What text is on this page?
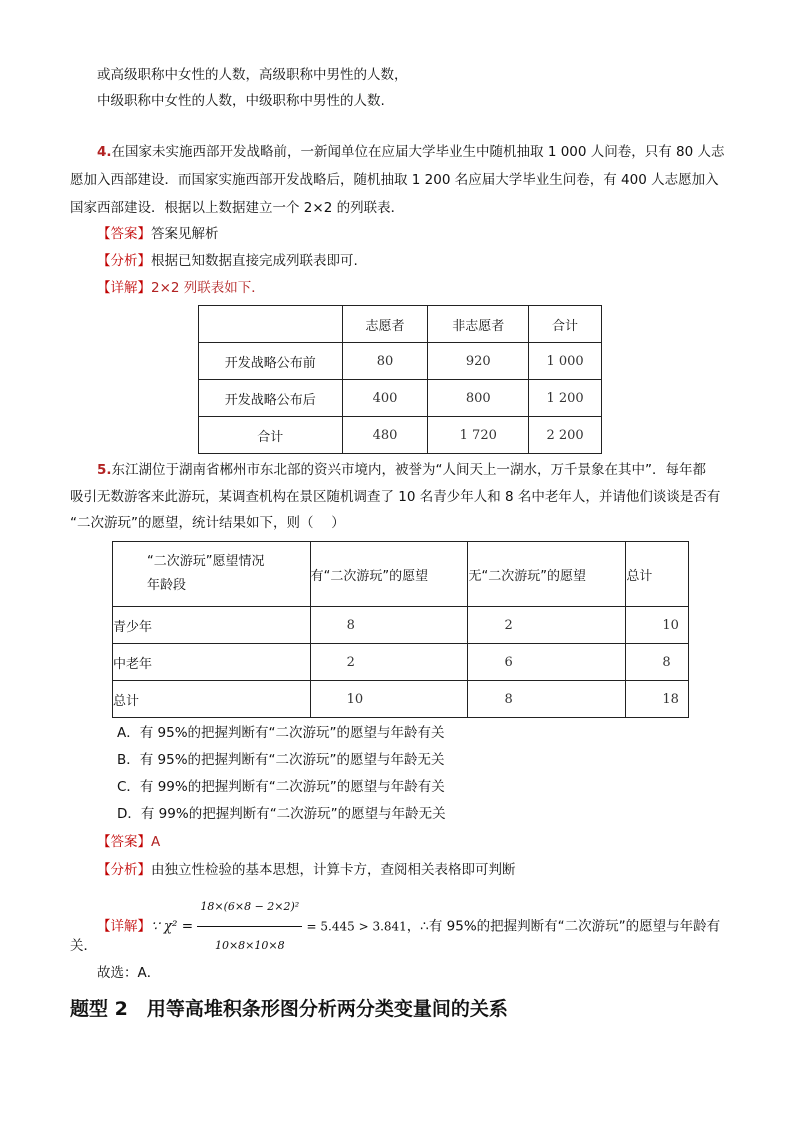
或高级职称中女性的人数，高级职称中男性的人数，
中级职称中女性的人数，中级职称中男性的人数.
4.在国家未实施西部开发战略前，一新闻单位在应届大学毕业生中随机抽取 1 000 人问卷，只有 80 人志
愿加入西部建设．而国家实施西部开发战略后，随机抽取 1 200 名应届大学毕业生问卷，有 400 人志愿加入
国家西部建设．根据以上数据建立一个 2×2 的列联表．
【答案】答案见解析
【分析】根据已知数据直接完成列联表即可.
【详解】2×2 列联表如下．
	志愿者	非志愿者	合计
开发战略公布前	80	920	1 000
开发战略公布后	400	800	1 200
合计	480	1 720	2 200
5.东江湖位于湖南省郴州市东北部的资兴市境内，被誉为“人间天上一湖水，万千景象在其中”．每年都
吸引无数游客来此游玩，某调查机构在景区随机调查了 10 名青少年人和 8 名中老年人，并请他们谈谈是否有
“二次游玩”的愿望，统计结果如下，则（　 ）
“二次游玩”愿望情况
年龄段	有“二次游玩”的愿望	无“二次游玩”的愿望	总计
青少年	8	2	10
中老年	2	6	8
总计	10	8	18
A．有 95%的把握判断有“二次游玩”的愿望与年龄有关
B．有 95%的把握判断有“二次游玩”的愿望与年龄无关
C．有 99%的把握判断有“二次游玩”的愿望与年龄有关
D．有 99%的把握判断有“二次游玩”的愿望与年龄无关
【答案】A
【分析】由独立性检验的基本思想，计算卡方，查阅相关表格即可判断
【详解】∵ $\chi^2 = \frac{\text{18×(6×8 − 2×2)²}}{10\times 8\times 10\times 8} = 5.445 > 3.841$，∴有 95%的把握判断有“二次游玩”的愿望与年龄有
关．
故选：A．
题型 2　用等高堆积条形图分析两分类变量间的关系
